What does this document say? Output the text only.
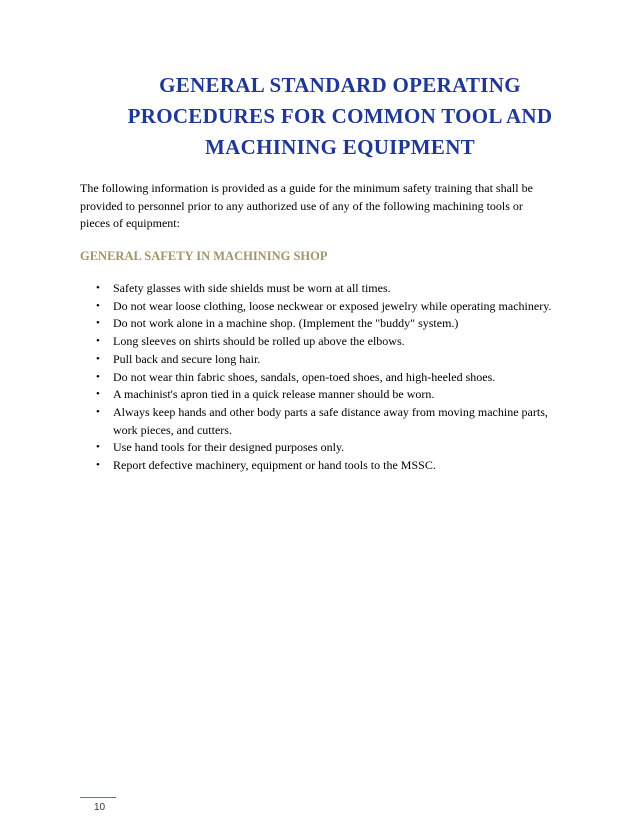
GENERAL STANDARD OPERATING
PROCEDURES FOR COMMON TOOL AND
MACHINING EQUIPMENT
The following information is provided as a guide for the minimum safety training that shall be
provided to personnel prior to any authorized use of any of the following machining tools or
pieces of equipment:
GENERAL SAFETY IN MACHINING SHOP
• Safety glasses with side shields must be worn at all times.
• Do not wear loose clothing, loose neckwear or exposed jewelry while operating machinery.
• Do not work alone in a machine shop. (Implement the "buddy" system.)
• Long sleeves on shirts should be rolled up above the elbows.
• Pull back and secure long hair.
• Do not wear thin fabric shoes, sandals, open-toed shoes, and high-heeled shoes.
• A machinist's apron tied in a quick release manner should be worn.
• Always keep hands and other body parts a safe distance away from moving machine parts,
work pieces, and cutters.
• Use hand tools for their designed purposes only.
• Report defective machinery, equipment or hand tools to the MSSC.
10
